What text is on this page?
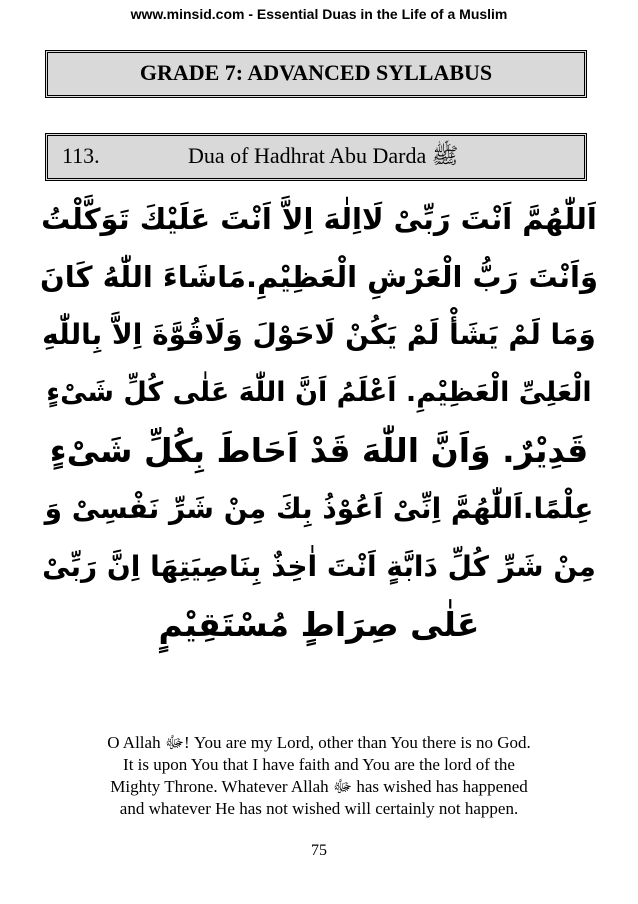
www.minsid.com - Essential Duas in the Life of a Muslim
GRADE 7: ADVANCED SYLLABUS
113.	Dua of Hadhrat Abu Darda ﷺ
اَللّٰهُمَّ اَنْتَ رَبِّىْ لَااِلٰهَ اِلاَّ اَنْتَ عَلَيْكَ تَوَكَّلْتُ
وَاَنْتَ رَبُّ الْعَرْشِ الْعَظِيْمِ.مَاشَاءَ اللّٰهُ كَانَ
وَمَا لَمْ يَشَأْ لَمْ يَكُنْ لَاحَوْلَ وَلَاقُوَّةَ اِلاَّ بِاللّٰهِ
الْعَلِىِّ الْعَظِيْمِ. اَعْلَمُ اَنَّ اللّٰهَ عَلٰى كُلِّ شَىْءٍ
قَدِيْرٌ. وَاَنَّ اللّٰهَ قَدْ اَحَاطَ بِكُلِّ شَىْءٍ
عِلْمًا.اَللّٰهُمَّ اِنِّىْ اَعُوْذُ بِكَ مِنْ شَرِّ نَفْسِىْ وَ
مِنْ شَرِّ كُلِّ دَابَّةٍ اَنْتَ اٰخِذٌ بِنَاصِيَتِهَا اِنَّ رَبِّىْ
عَلٰى صِرَاطٍ مُسْتَقِيْمٍ
O Allah ﷻ! You are my Lord, other than You there is no God.
It is upon You that I have faith and You are the lord of the
Mighty Throne. Whatever Allah ﷻ has wished has happened
and whatever He has not wished will certainly not happen.
75
